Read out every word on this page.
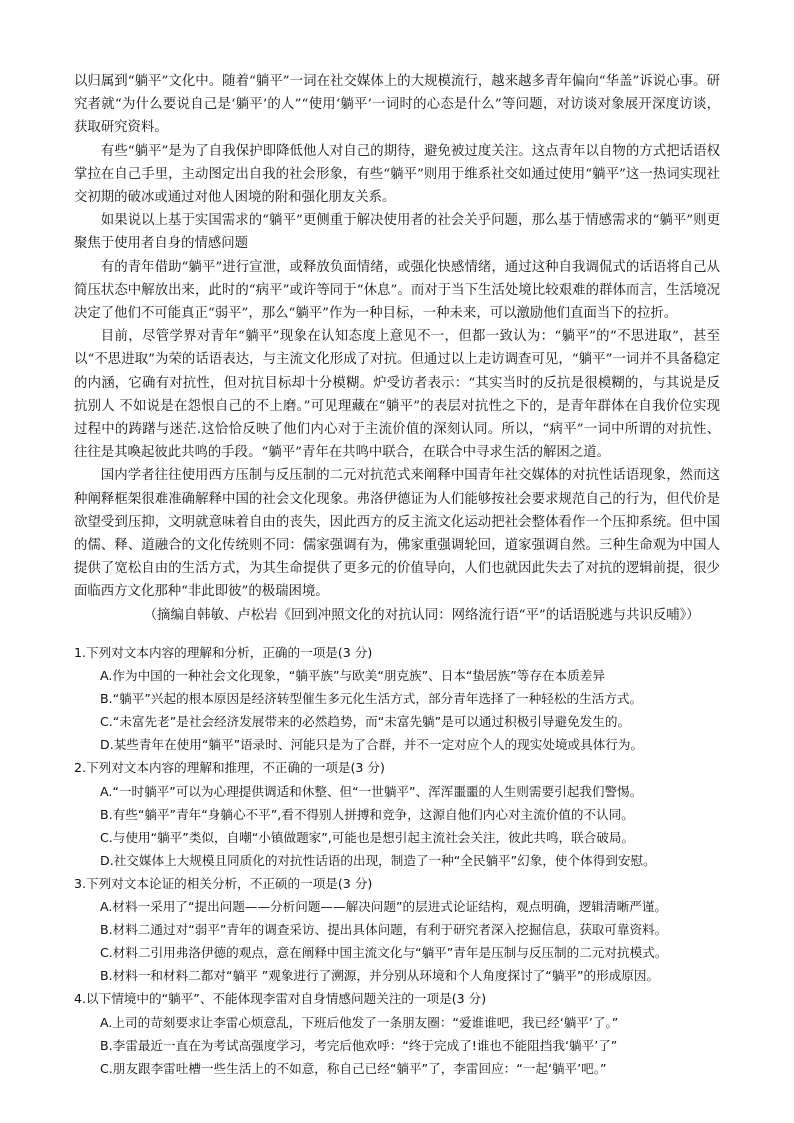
以归属到“躺平”文化中。随着“躺平”一词在社交媒体上的大规模流行，越来越多青年偏向“华盖”诉说心事。研究者就“为什么要说自己是‘躺平’的人”“使用‘躺平’一词时的心态是什么”等问题，对访谈对象展开深度访谈，获取研究资料。

有些“躺平”是为了自我保护即降低他人对自己的期待，避免被过度关注。这点青年以自物的方式把话语权掌拉在自己手里，主动图定出自我的社会形象，有些“躺平”则用于维系社交如通过使用“躺平”这一热词实现社交初期的破冰或通过对他人困境的附和强化朋友关系。

如果说以上基于实国需求的“躺平”更侧重于解决使用者的社会关乎问题，那么基于情感需求的“躺平”则更聚焦于使用者自身的情感问题

有的青年借助“躺平”进行宣泄，或释放负面情绪，或强化快感情绪，通过这种自我调侃式的话语将自己从简压状态中解放出来，此时的“病平”或许等同于“休息”。而对于当下生活处境比较艰难的群体而言，生活境况决定了他们不可能真正“弱平”，那么“躺平”作为一种目标，一种未来，可以激励他们直面当下的拉折。

目前，尽管学界对青年“躺平”现象在认知态度上意见不一，但都一致认为：“躺平”的“不思进取”，甚至以“不思进取”为荣的话语表达，与主流文化形成了对抗。但通过以上走访调查可见，“躺平”一词并不具备稳定的内涵，它确有对抗性，但对抗目标却十分模糊。炉受访者表示：“其实当时的反抗是很模糊的，与其说是反抗别人 不如说是在怨恨自己的不上磨。”可见理藏在“躺平”的表层对抗性之下的，是青年群体在自我价位实现过程中的踌躇与迷茫.这恰恰反映了他们内心对于主流价值的深刻认同。所以，“病平”一词中所谓的对抗性、往往是其喚起彼此共鸣的手段。“躺平”青年在共鸣中联合，在联合中寻求生活的解困之道。

国内学者往往使用西方压制与反压制的二元对抗范式来阐释中国青年社交媒体的对抗性话语现象，然而这种阐释框架很难准确解释中国的社会文化现象。弗洛伊德证为人们能够按社会要求规范自己的行为，但代价是欲望受到压抑，文明就意味着自由的丧失，因此西方的反主流文化运动把社会整体看作一个压抑系统。但中国的儒、释、道融合的文化传统则不同：儒家强调有为，佛家重强调轮回，道家强调自然。三种生命观为中国人提供了宽松自由的生活方式，为其生命提供了更多元的价值导向，人们也就因此失去了对抗的逻辑前提，很少面临西方文化那种“非此即彼”的极瑞困境。

（摘编自韩敏、卢松岩《回到冲照文化的对抗认同：网络流行语“平”的话语脱逃与共识反哺》）

1.下列对文本内容的理解和分析，正确的一项是(3 分)

A.作为中国的一种社会文化现象，“躺平族”与欧美“朋克族”、日本“蛰居族”等存在本质差异

B.“躺平”兴起的根本原因是经济转型催生多元化生活方式，部分青年选择了一种轻松的生活方式。

C.“未富先老”是社会经济发展带来的必然趋势，而“未富先躺”是可以通过积极引导避免发生的。

D.某些青年在使用“躺平”语录时、河能只是为了合群，并不一定对应个人的现实处境或具体行为。

2.下列对文本内容的理解和推理，不正确的一项是(3 分)

A.“一时躺平”可以为心理提供调适和休整、但“一世躺平”、浑浑噩噩的人生则需要引起我们警惕。

B.有些“躺平”青年“身躺心不平”,看不得别人拼搏和竞争，这源自他们内心对主流价值的不认同。

C.与使用“躺平”类似，自嘲“小镇做题家”,可能也是想引起主流社会关注，彼此共鸣，联合破局。

D.社交媒体上大规模且同质化的对抗性话语的出现，制造了一种“全民躺平”幻象，使个体得到安慰。

3.下列对文本论证的相关分析，不正硕的一项是(3 分)

A.材料一采用了“提出问题——分析问题——解决问题”的层进式论证结构，观点明确，逻辑清晰严谨。

B.材料二通过对“弱平”青年的调查采访、提出具体问题，有利于研究者深入挖掘信息，获取可靠资料。

C.材料二引用弗洛伊德的观点，意在阐释中国主流文化与“躺平”青年是压制与反压制的二元对抗模式。

B.材料一和材料二都对“躺平 ”观象进行了溯源，并分别从环境和个人角度探讨了“躺平”的形成原因。

4.以下情境中的“躺平”、不能体现李雷对自身情感问题关注的一项是(3 分)

A.上司的苛刻要求让李雷心烦意乱，下班后他发了一条朋友圈：“爱谁谁吧，我已经‘躺平’了。”

B.李雷最近一直在为考试高强度学习，考完后他欢呼：“终于完成了!谁也不能阻挡我‘躺平’了”

C.朋友跟李雷吐槽一些生活上的不如意，称自己已经“躺平”了，李雷回应：“一起‘躺平’吧。”
